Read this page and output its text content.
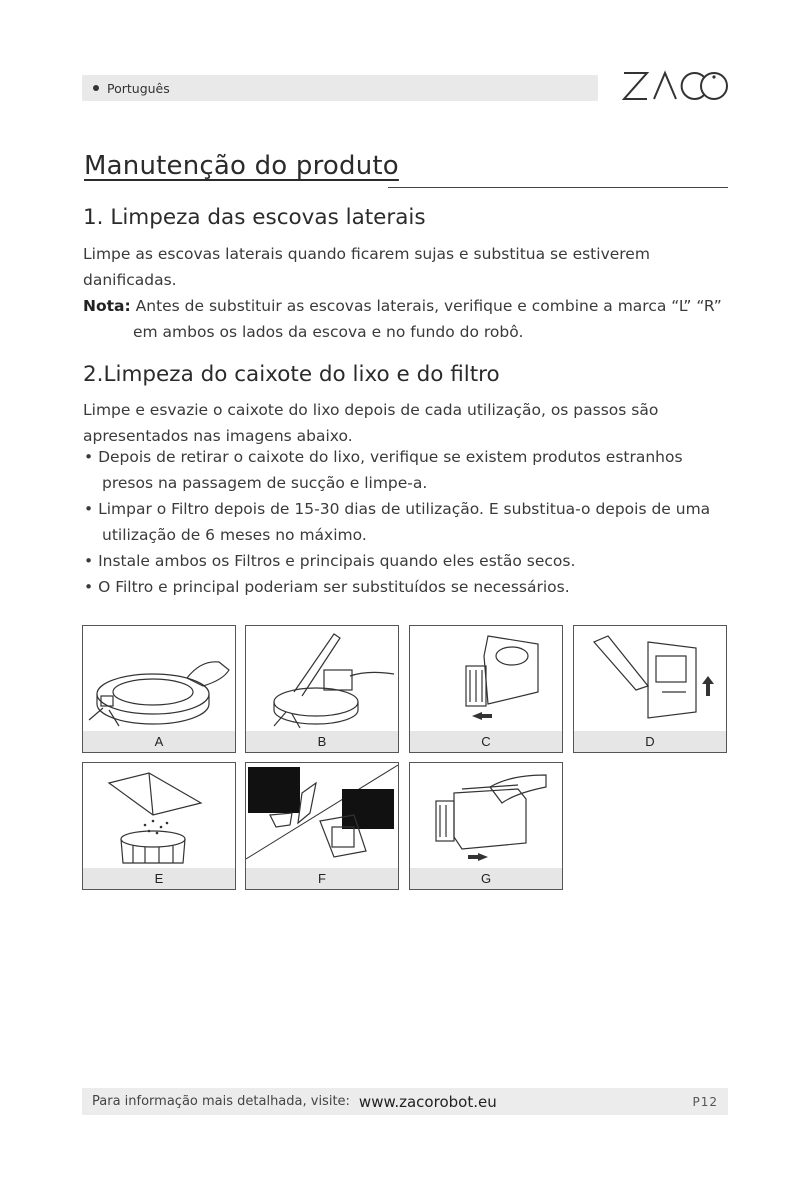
Português
Manutenção do produto
1. Limpeza das escovas laterais
Limpe as escovas laterais quando ficarem sujas e substitua se estiverem
danificadas.
Nota: Antes de substituir as escovas laterais, verifique e combine a marca “L” “R”
em ambos os lados da escova e no fundo do robô.
2.Limpeza do caixote do lixo e do filtro
Limpe e esvazie o caixote do lixo depois de cada utilização, os passos são
apresentados nas imagens abaixo.
• Depois de retirar o caixote do lixo, verifique se existem produtos estranhos
presos na passagem de sucção e limpe-a.
• Limpar o Filtro depois de 15-30 dias de utilização. E substitua-o depois de uma
utilização de 6 meses no máximo.
• Instale ambos os Filtros e principais quando eles estão secos.
• O Filtro e principal poderiam ser substituídos se necessários.
A	B	C	D
E	F	G
Para informação mais detalhada, visite: www.zacorobot.eu	P12
